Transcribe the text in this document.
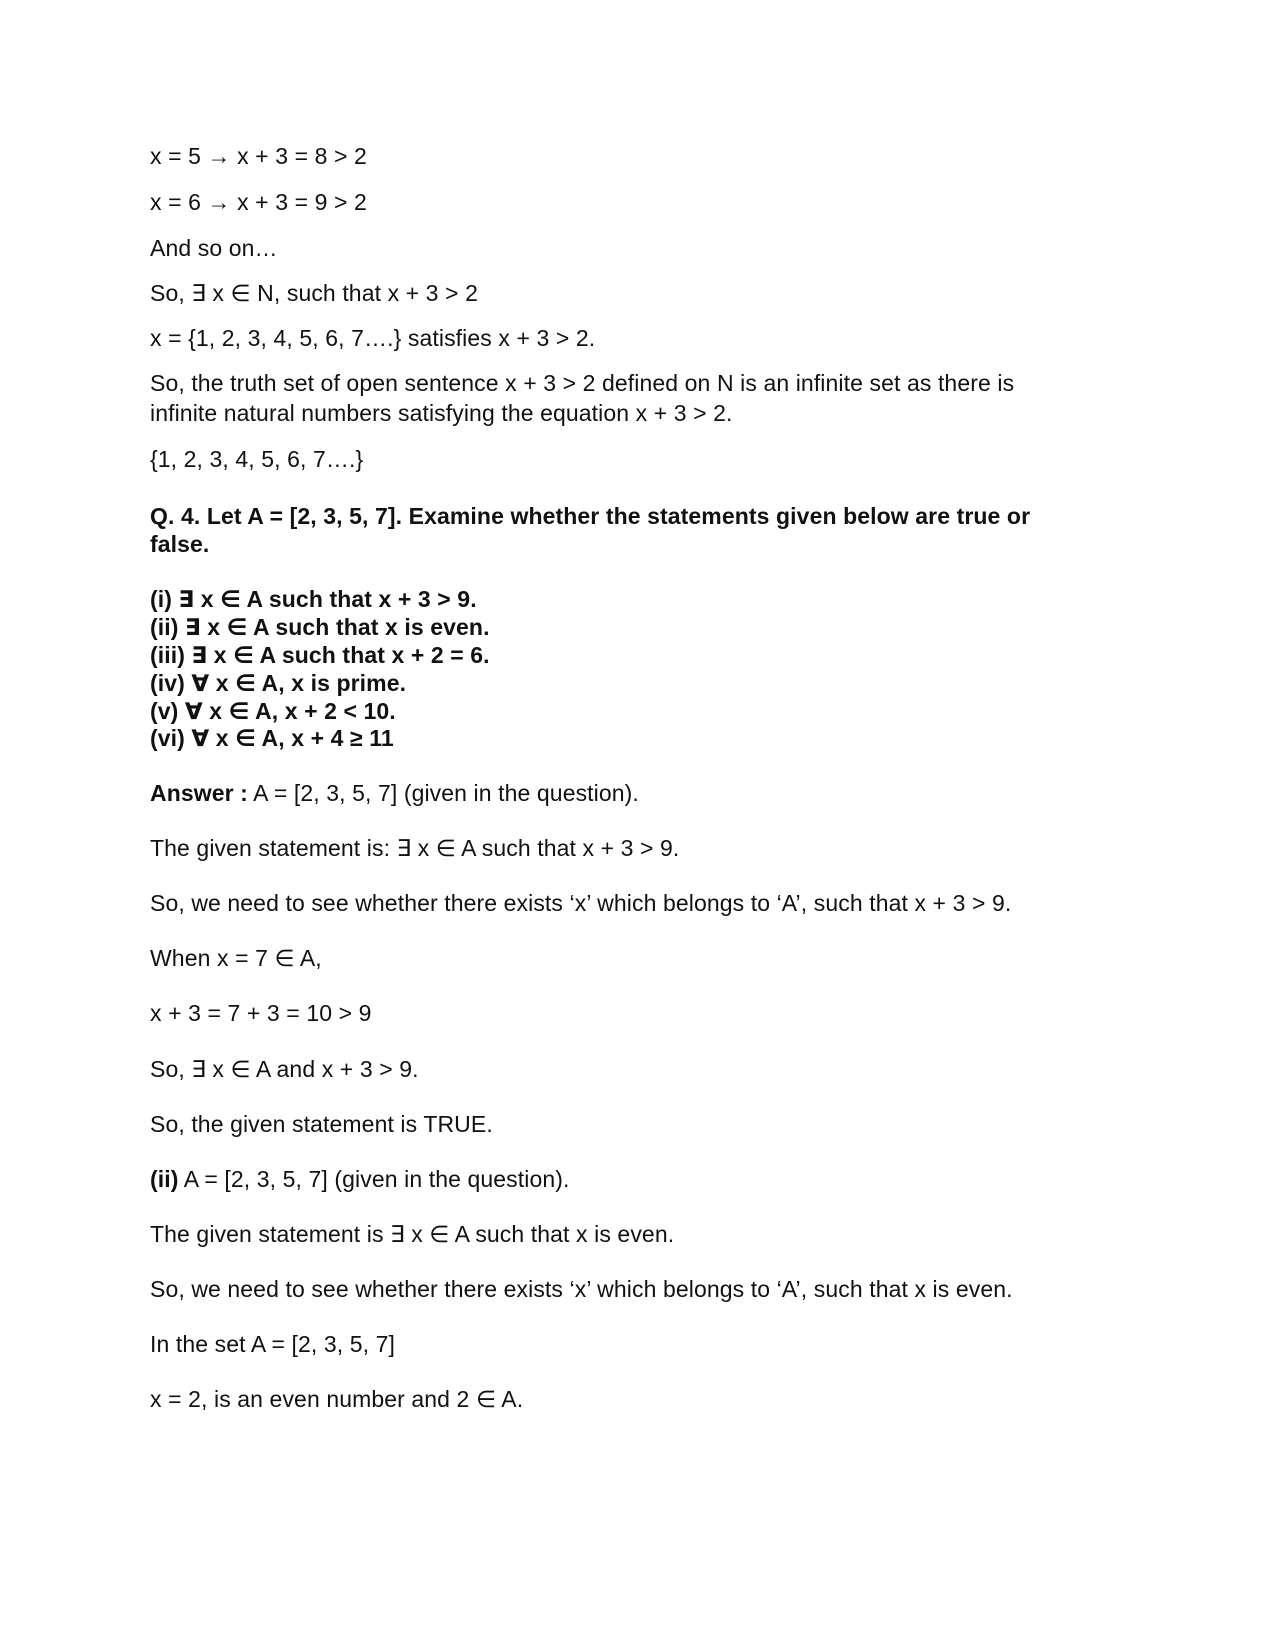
x = 5 → x + 3 = 8 > 2
x = 6 → x + 3 = 9 > 2
And so on…
So, ∃ x ∈ N, such that x + 3 > 2
x = {1, 2, 3, 4, 5, 6, 7….} satisfies x + 3 > 2.
So, the truth set of open sentence x + 3 > 2 defined on N is an infinite set as there is
infinite natural numbers satisfying the equation x + 3 > 2.
{1, 2, 3, 4, 5, 6, 7….}
Q. 4. Let A = [2, 3, 5, 7]. Examine whether the statements given below are true or
false.
(i) ∃ x ∈ A such that x + 3 > 9.
(ii) ∃ x ∈ A such that x is even.
(iii) ∃ x ∈ A such that x + 2 = 6.
(iv) ∀ x ∈ A, x is prime.
(v) ∀ x ∈ A, x + 2 < 10.
(vi) ∀ x ∈ A, x + 4 ≥ 11
Answer : A = [2, 3, 5, 7] (given in the question).
The given statement is: ∃ x ∈ A such that x + 3 > 9.
So, we need to see whether there exists ‘x’ which belongs to ‘A’, such that x + 3 > 9.
When x = 7 ∈ A,
x + 3 = 7 + 3 = 10 > 9
So, ∃ x ∈ A and x + 3 > 9.
So, the given statement is TRUE.
(ii) A = [2, 3, 5, 7] (given in the question).
The given statement is ∃ x ∈ A such that x is even.
So, we need to see whether there exists ‘x’ which belongs to ‘A’, such that x is even.
In the set A = [2, 3, 5, 7]
x = 2, is an even number and 2 ∈ A.
